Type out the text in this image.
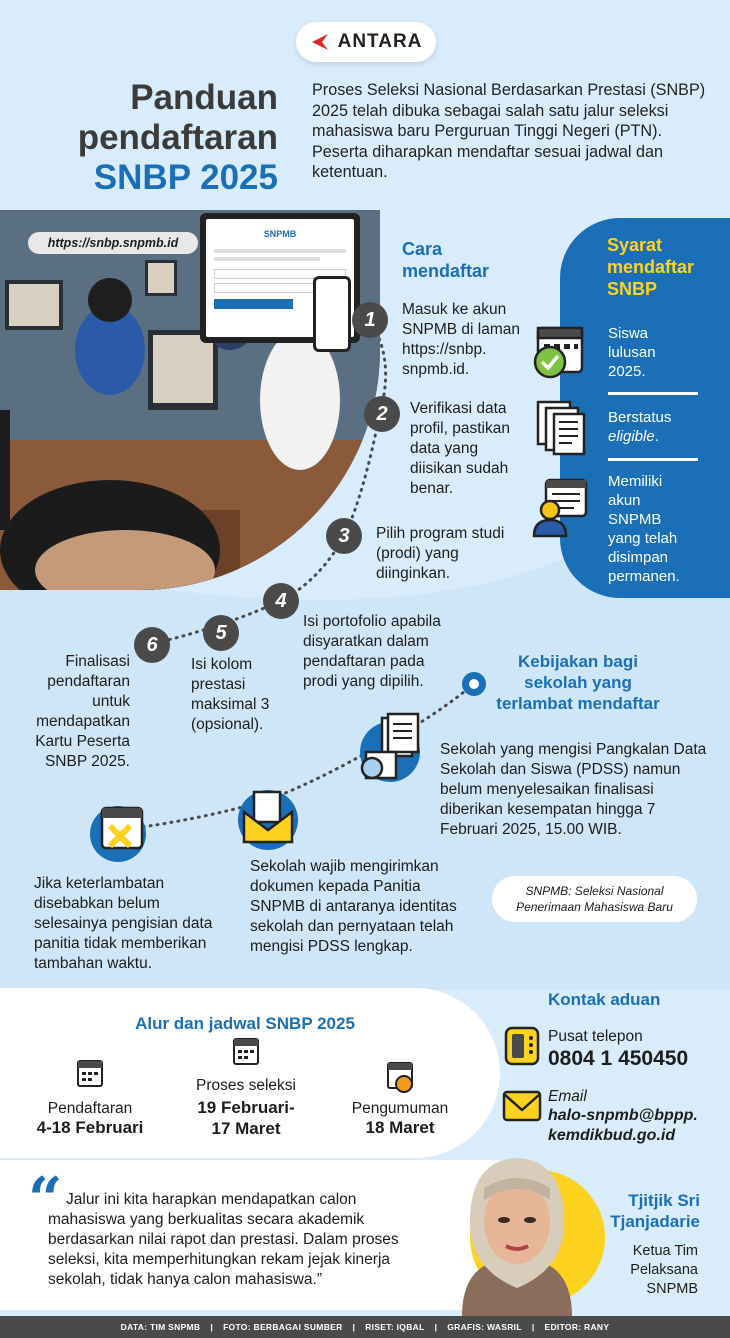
ANTARA
Panduan
pendaftaran
SNBP 2025
Proses Seleksi Nasional Berdasarkan Prestasi (SNBP) 2025 telah dibuka sebagai salah satu jalur seleksi mahasiswa baru Perguruan Tinggi Negeri (PTN). Peserta diharapkan mendaftar sesuai jadwal dan ketentuan.
https://snbp.snpmb.id
SNPMB
Cara mendaftar
1	Masuk ke akun SNPMB di laman https://snbp. snpmb.id.
2	Verifikasi data profil, pastikan data yang diisikan sudah benar.
3	Pilih program studi (prodi) yang diinginkan.
4
Isi portofolio apabila disyaratkan dalam pendaftaran pada prodi yang dipilih.
5
Isi kolom prestasi maksimal 3 (opsional).
6
Finalisasi pendaftaran untuk mendapatkan Kartu Peserta SNBP 2025.
Syarat mendaftar SNBP
Siswa lulusan 2025.
Berstatus eligible.
Memiliki akun SNPMB yang telah disimpan permanen.
Kebijakan bagi sekolah yang terlambat mendaftar
Sekolah yang mengisi Pangkalan Data Sekolah dan Siswa (PDSS) namun belum menyelesaikan finalisasi diberikan kesempatan hingga 7 Februari 2025, 15.00 WIB.
Sekolah wajib mengirimkan dokumen kepada Panitia SNPMB di antaranya identitas sekolah dan pernyataan telah mengisi PDSS lengkap.
Jika keterlambatan disebabkan belum selesainya pengisian data panitia tidak memberikan tambahan waktu.
SNPMB: Seleksi Nasional Penerimaan Mahasiswa Baru
Alur dan jadwal SNBP 2025
Pendaftaran
4-18 Februari
Proses seleksi
19 Februari- 17 Maret
Pengumuman
18 Maret
Kontak aduan
Pusat telepon
0804 1 450450
Email
halo-snpmb@bppp.
kemdikbud.go.id
“ Jalur ini kita harapkan mendapatkan calon mahasiswa yang berkualitas secara akademik berdasarkan nilai rapot dan prestasi. Dalam proses seleksi, kita memperhitungkan rekam jejak kinerja sekolah, tidak hanya calon mahasiswa.”
Tjitjik Sri
Tjanjadarie
Ketua Tim
Pelaksana
SNPMB
DATA: TIM SNPMB | FOTO: BERBAGAI SUMBER | RISET: IQBAL | GRAFIS: WASRIL | EDITOR: RANY
